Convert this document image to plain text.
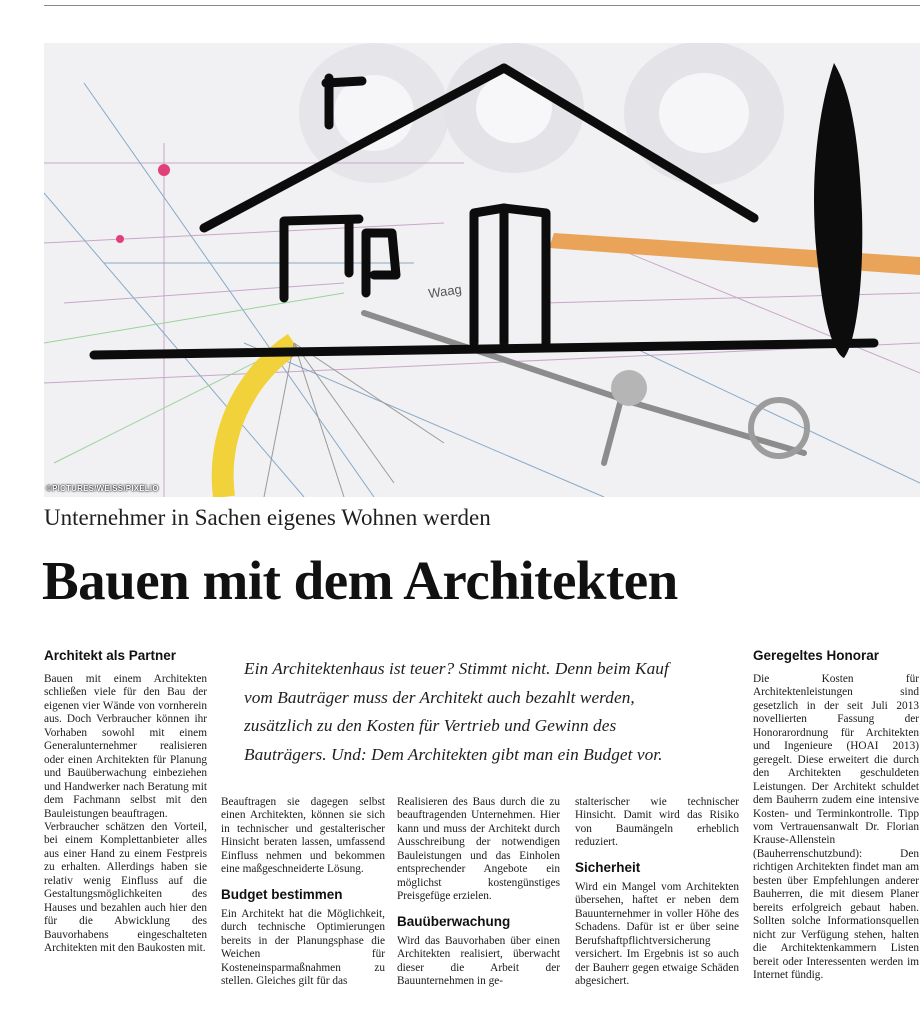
Waag
©PICTURES/WEISS/PIXELIO
Unternehmer in Sachen eigenes Wohnen werden
Bauen mit dem Architekten
Ein Architektenhaus ist teuer? Stimmt nicht. Denn beim Kauf
vom Bauträger muss der Architekt auch bezahlt werden,
zusätzlich zu den Kosten für Vertrieb und Gewinn des
Bauträgers. Und: Dem Architekten gibt man ein Budget vor.
Architekt als Partner

Bauen mit einem Architekten schließen viele für den Bau der eigenen vier Wände von vornherein aus. Doch Verbraucher können ihr Vorhaben sowohl mit einem Generalunternehmer realisieren oder einen Architekten für Planung und Bauüberwachung einbeziehen und Handwerker nach Beratung mit dem Fachmann selbst mit den Bauleistungen beauftragen.

Verbraucher schätzen den Vorteil, bei einem Komplettanbieter alles aus einer Hand zu einem Festpreis zu erhalten. Allerdings haben sie relativ wenig Einfluss auf die Gestaltungsmöglichkeiten des Hauses und bezahlen auch hier den für die Abwicklung des Bauvorhabens eingeschalteten Architekten mit den Baukosten mit.

Beauftragen sie dagegen selbst einen Architekten, können sie sich in technischer und gestalterischer Hinsicht beraten lassen, umfassend Einfluss nehmen und bekommen eine maßgeschneiderte Lösung.

Budget bestimmen

Ein Architekt hat die Möglichkeit, durch technische Optimierungen bereits in der Planungsphase die Weichen für Kosteneinsparmaßnahmen zu stellen. Gleiches gilt für das

Realisieren des Baus durch die zu beauftragenden Unternehmen. Hier kann und muss der Architekt durch Ausschreibung der notwendigen Bauleistungen und das Einholen entsprechender Angebote ein möglichst kostengünstiges Preisgefüge erzielen.

Bauüberwachung

Wird das Bauvorhaben über einen Architekten realisiert, überwacht dieser die Arbeit der Bauunternehmen in ge-

stalterischer wie technischer Hinsicht. Damit wird das Risiko von Baumängeln erheblich reduziert.

Sicherheit

Wird ein Mangel vom Architekten übersehen, haftet er neben dem Bauunternehmer in voller Höhe des Schadens. Dafür ist er über seine Berufshaftpflichtversicherung versichert. Im Ergebnis ist so auch der Bauherr gegen etwaige Schäden abgesichert.

Geregeltes Honorar

Die Kosten für Architektenleistungen sind gesetzlich in der seit Juli 2013 novellierten Fassung der Honorarordnung für Architekten und Ingenieure (HOAI 2013) geregelt. Diese erweitert die durch den Architekten geschuldeten Leistungen. Der Architekt schuldet dem Bauherrn zudem eine intensive Kosten- und Terminkontrolle. Tipp vom Vertrauensanwalt Dr. Florian Krause-Allenstein (Bauherrenschutzbund): Den richtigen Architekten findet man am besten über Empfehlungen anderer Bauherren, die mit diesem Planer bereits erfolgreich gebaut haben. Sollten solche Informationsquellen nicht zur Verfügung stehen, halten die Architektenkammern Listen bereit oder Interessenten werden im Internet fündig.
